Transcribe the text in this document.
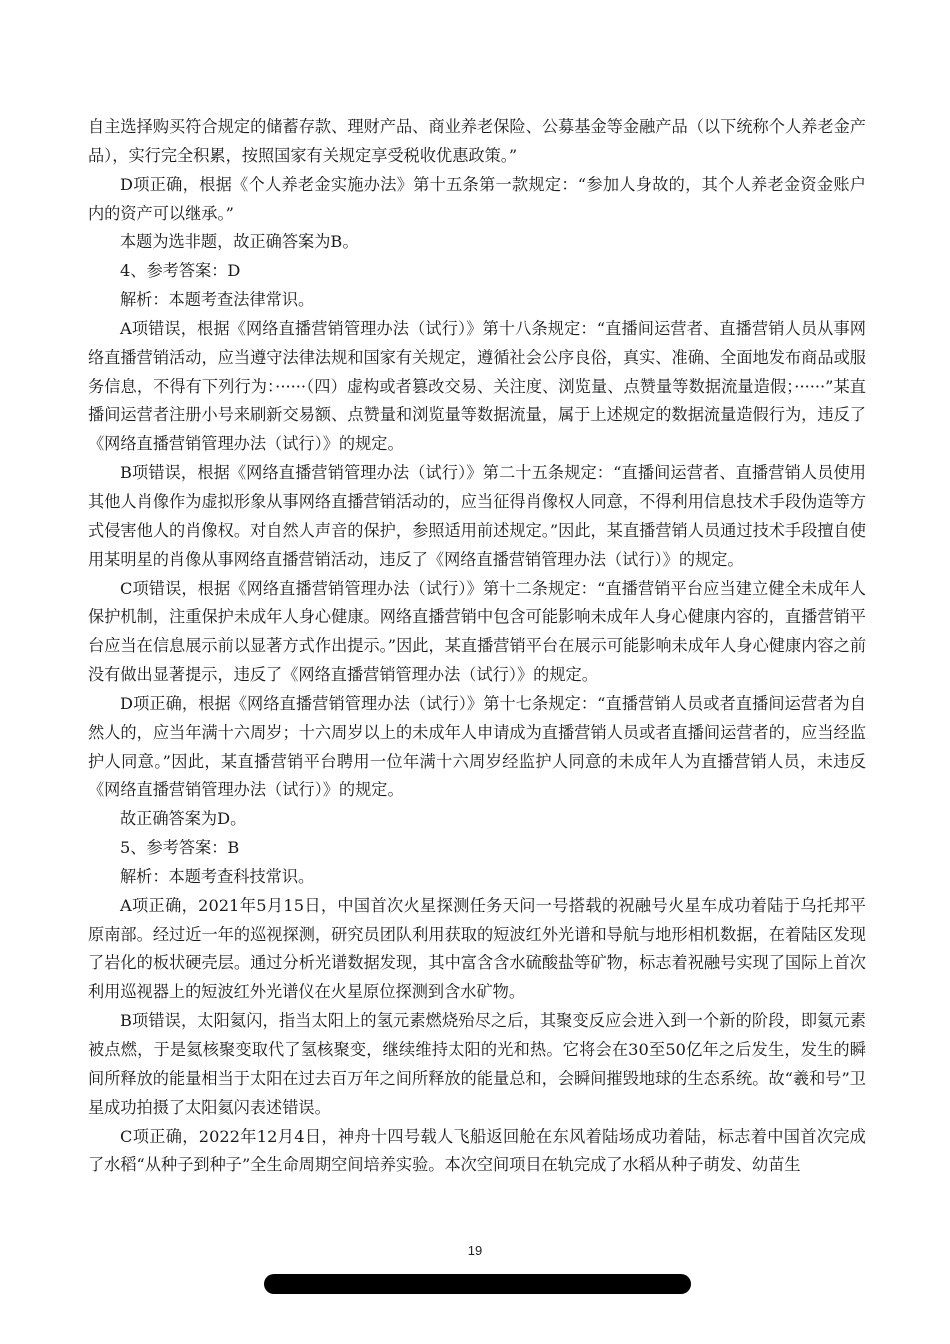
自主选择购买符合规定的储蓄存款、理财产品、商业养老保险、公募基金等金融产品（以下统称个人养老金产品），实行完全积累，按照国家有关规定享受税收优惠政策。”

D项正确，根据《个人养老金实施办法》第十五条第一款规定：“参加人身故的，其个人养老金资金账户内的资产可以继承。”

本题为选非题，故正确答案为B。

4、参考答案：D

解析：本题考查法律常识。

A项错误，根据《网络直播营销管理办法（试行）》第十八条规定：“直播间运营者、直播营销人员从事网络直播营销活动，应当遵守法律法规和国家有关规定，遵循社会公序良俗，真实、准确、全面地发布商品或服务信息，不得有下列行为：······（四）虚构或者篡改交易、关注度、浏览量、点赞量等数据流量造假；······”某直播间运营者注册小号来刷新交易额、点赞量和浏览量等数据流量，属于上述规定的数据流量造假行为，违反了《网络直播营销管理办法（试行）》的规定。

B项错误，根据《网络直播营销管理办法（试行）》第二十五条规定：“直播间运营者、直播营销人员使用其他人肖像作为虚拟形象从事网络直播营销活动的，应当征得肖像权人同意，不得利用信息技术手段伪造等方式侵害他人的肖像权。对自然人声音的保护，参照适用前述规定。”因此，某直播营销人员通过技术手段擅自使用某明星的肖像从事网络直播营销活动，违反了《网络直播营销管理办法（试行）》的规定。

C项错误，根据《网络直播营销管理办法（试行）》第十二条规定：“直播营销平台应当建立健全未成年人保护机制，注重保护未成年人身心健康。网络直播营销中包含可能影响未成年人身心健康内容的，直播营销平台应当在信息展示前以显著方式作出提示。”因此，某直播营销平台在展示可能影响未成年人身心健康内容之前没有做出显著提示，违反了《网络直播营销管理办法（试行）》的规定。

D项正确，根据《网络直播营销管理办法（试行）》第十七条规定：“直播营销人员或者直播间运营者为自然人的，应当年满十六周岁；十六周岁以上的未成年人申请成为直播营销人员或者直播间运营者的，应当经监护人同意。”因此，某直播营销平台聘用一位年满十六周岁经监护人同意的未成年人为直播营销人员，未违反《网络直播营销管理办法（试行）》的规定。

故正确答案为D。

5、参考答案：B

解析：本题考查科技常识。

A项正确，2021年5月15日，中国首次火星探测任务天问一号搭载的祝融号火星车成功着陆于乌托邦平原南部。经过近一年的巡视探测，研究员团队利用获取的短波红外光谱和导航与地形相机数据，在着陆区发现了岩化的板状硬壳层。通过分析光谱数据发现，其中富含含水硫酸盐等矿物，标志着祝融号实现了国际上首次利用巡视器上的短波红外光谱仪在火星原位探测到含水矿物。

B项错误，太阳氦闪，指当太阳上的氢元素燃烧殆尽之后，其聚变反应会进入到一个新的阶段，即氦元素被点燃，于是氦核聚变取代了氢核聚变，继续维持太阳的光和热。它将会在30至50亿年之后发生，发生的瞬间所释放的能量相当于太阳在过去百万年之间所释放的能量总和，会瞬间摧毁地球的生态系统。故“羲和号”卫星成功拍摄了太阳氦闪表述错误。

C项正确，2022年12月4日，神舟十四号载人飞船返回舱在东风着陆场成功着陆，标志着中国首次完成了水稻“从种子到种子”全生命周期空间培养实验。本次空间项目在轨完成了水稻从种子萌发、幼苗生

19
